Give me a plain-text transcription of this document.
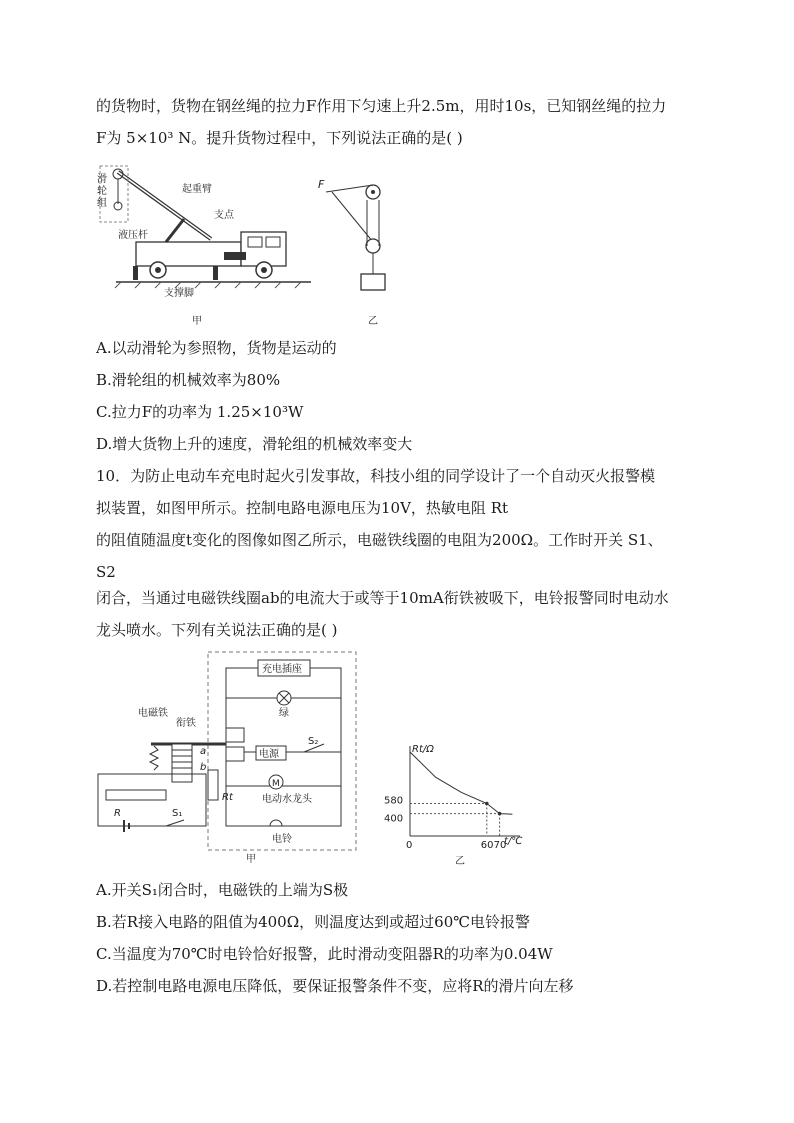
的货物时，货物在钢丝绳的拉力F作用下匀速上升2.5m，用时10s，已知钢丝绳的拉力
F为 5×10³ N。提升货物过程中，下列说法正确的是( )
滑
轮
组
起重臂
支点
液压杆
支撑脚
甲
F
乙
A.以动滑轮为参照物，货物是运动的
B.滑轮组的机械效率为80%
C.拉力F的功率为 1.25×10³W
D.增大货物上升的速度，滑轮组的机械效率变大
10．为防止电动车充电时起火引发事故，科技小组的同学设计了一个自动灭火报警模
拟装置，如图甲所示。控制电路电源电压为10V，热敏电阻 Rt
的阻值随温度t变化的图像如图乙所示，电磁铁线圈的电阻为200Ω。工作时开关 S1、
S2
闭合，当通过电磁铁线圈ab的电流大于或等于10mA衔铁被吸下，电铃报警同时电动水
龙头喷水。下列有关说法正确的是( )
充电插座
绿
电源
S₂
M
电动水龙头
电铃
电磁铁
衔铁
a
b
Rt
R	S₁
甲
Rt/Ω
t/℃
0
乙
60 70
580
400
A.开关S₁闭合时，电磁铁的上端为S极
B.若R接入电路的阻值为400Ω，则温度达到或超过60℃电铃报警
C.当温度为70℃时电铃恰好报警，此时滑动变阻器R的功率为0.04W
D.若控制电路电源电压降低，要保证报警条件不变，应将R的滑片向左移
